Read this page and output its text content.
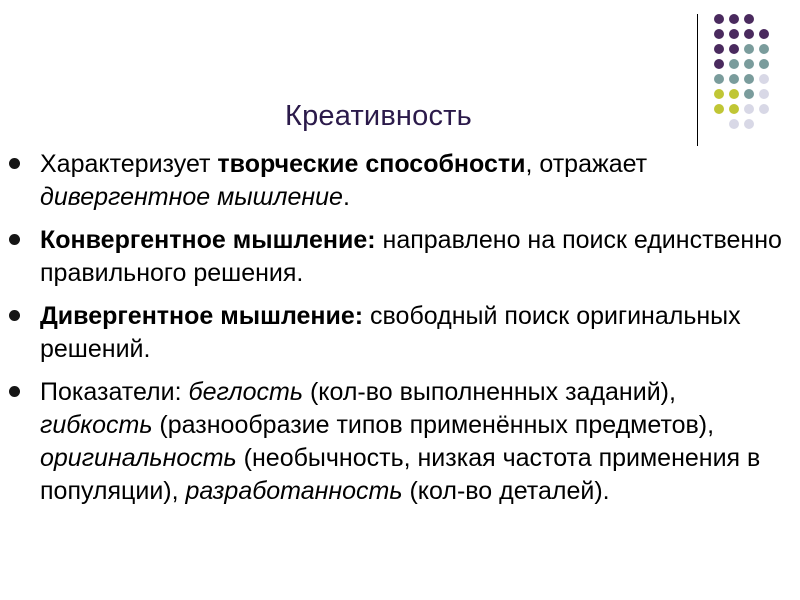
Креативность
Характеризует творческие способности, отражает дивергентное мышление.
Конвергентное мышление: направлено на поиск единственно правильного решения.
Дивергентное мышление: свободный поиск оригинальных решений.
Показатели: беглость (кол-во выполненных заданий), гибкость (разнообразие типов применённых предметов), оригинальность (необычность, низкая частота применения в популяции), разработанность (кол-во деталей).
